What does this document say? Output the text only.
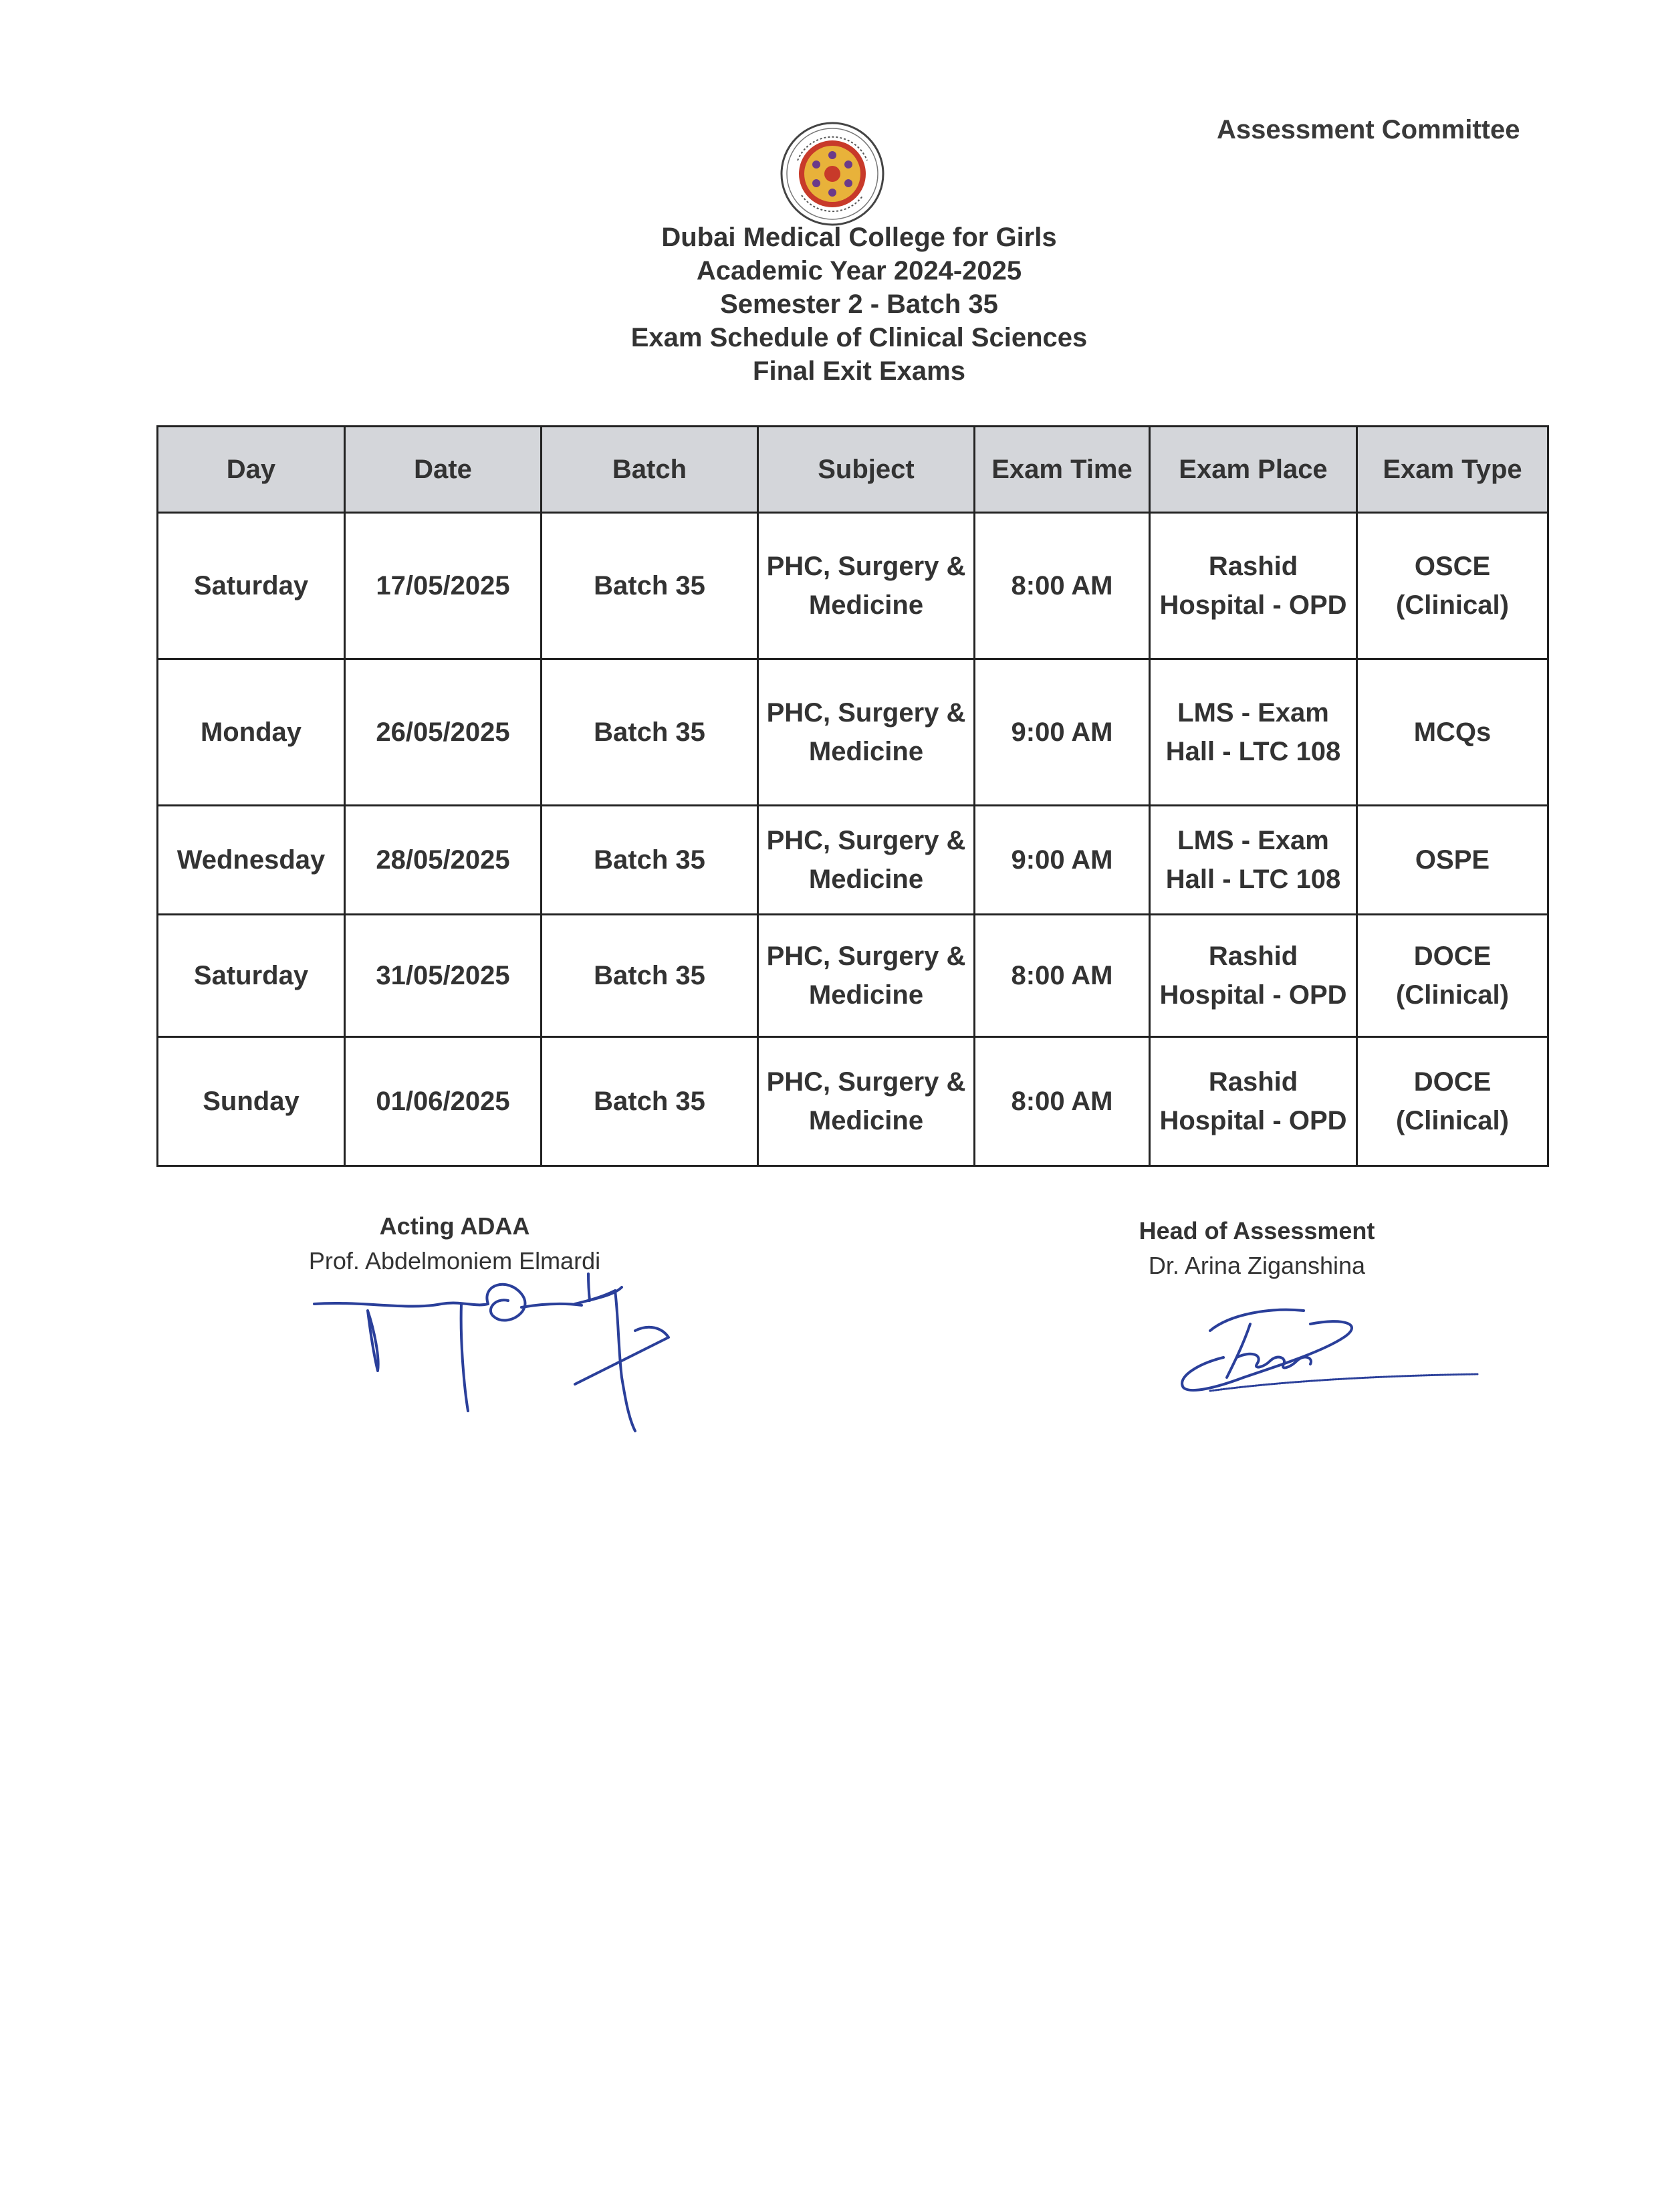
Assessment Committee
Dubai Medical College for Girls
Academic Year 2024-2025
Semester 2 - Batch 35
Exam Schedule of Clinical Sciences
Final Exit Exams
Day	Date	Batch	Subject	Exam Time	Exam Place	Exam Type
Saturday	17/05/2025	Batch 35	PHC, Surgery & Medicine	8:00 AM	Rashid Hospital - OPD	OSCE (Clinical)
Monday	26/05/2025	Batch 35	PHC, Surgery & Medicine	9:00 AM	LMS - Exam Hall - LTC 108	MCQs
Wednesday	28/05/2025	Batch 35	PHC, Surgery & Medicine	9:00 AM	LMS - Exam Hall - LTC 108	OSPE
Saturday	31/05/2025	Batch 35	PHC, Surgery & Medicine	8:00 AM	Rashid Hospital - OPD	DOCE (Clinical)
Sunday	01/06/2025	Batch 35	PHC, Surgery & Medicine	8:00 AM	Rashid Hospital - OPD	DOCE (Clinical)
Acting ADAA
Prof. Abdelmoniem Elmardi
Head of Assessment
Dr. Arina Ziganshina
